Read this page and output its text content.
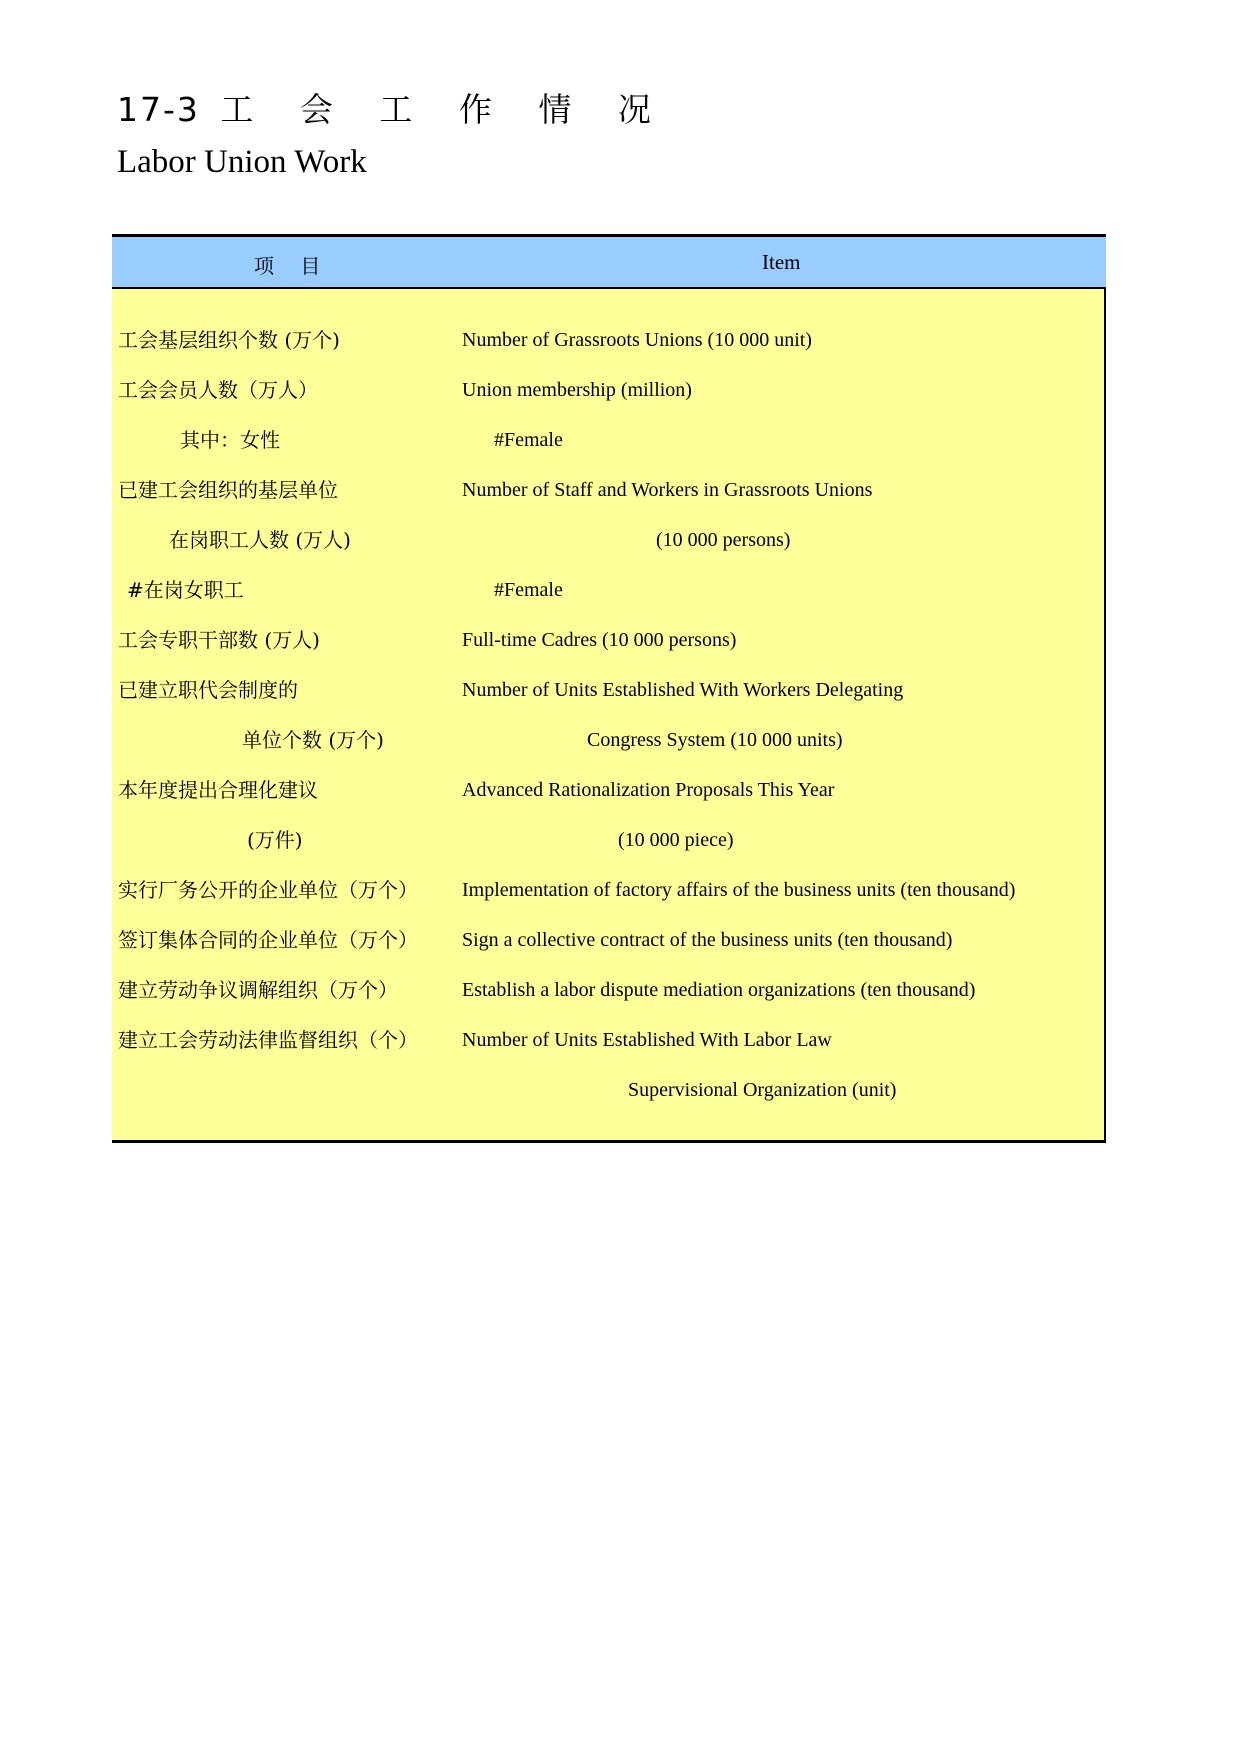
17-3 工 会 工 作 情 况
Labor Union Work
项 目	Item
工会基层组织个数 (万个)	Number of Grassroots Unions (10 000 unit)
工会会员人数（万人）	Union membership (million)
其中：女性	#Female
已建工会组织的基层单位	Number of Staff and Workers in Grassroots Unions
在岗职工人数 (万人)	(10 000 persons)
#在岗女职工	#Female
工会专职干部数 (万人)	Full-time Cadres (10 000 persons)
已建立职代会制度的	Number of Units Established With Workers Delegating
单位个数 (万个)	Congress System (10 000 units)
本年度提出合理化建议	Advanced Rationalization Proposals This Year
(万件)	(10 000 piece)
实行厂务公开的企业单位（万个） Implementation of factory affairs of the business units (ten thousand)
签订集体合同的企业单位（万个） Sign a collective contract of the business units (ten thousand)
建立劳动争议调解组织（万个）	Establish a labor dispute mediation organizations (ten thousand)
建立工会劳动法律监督组织（个） Number of Units Established With Labor Law
Supervisional Organization (unit)
